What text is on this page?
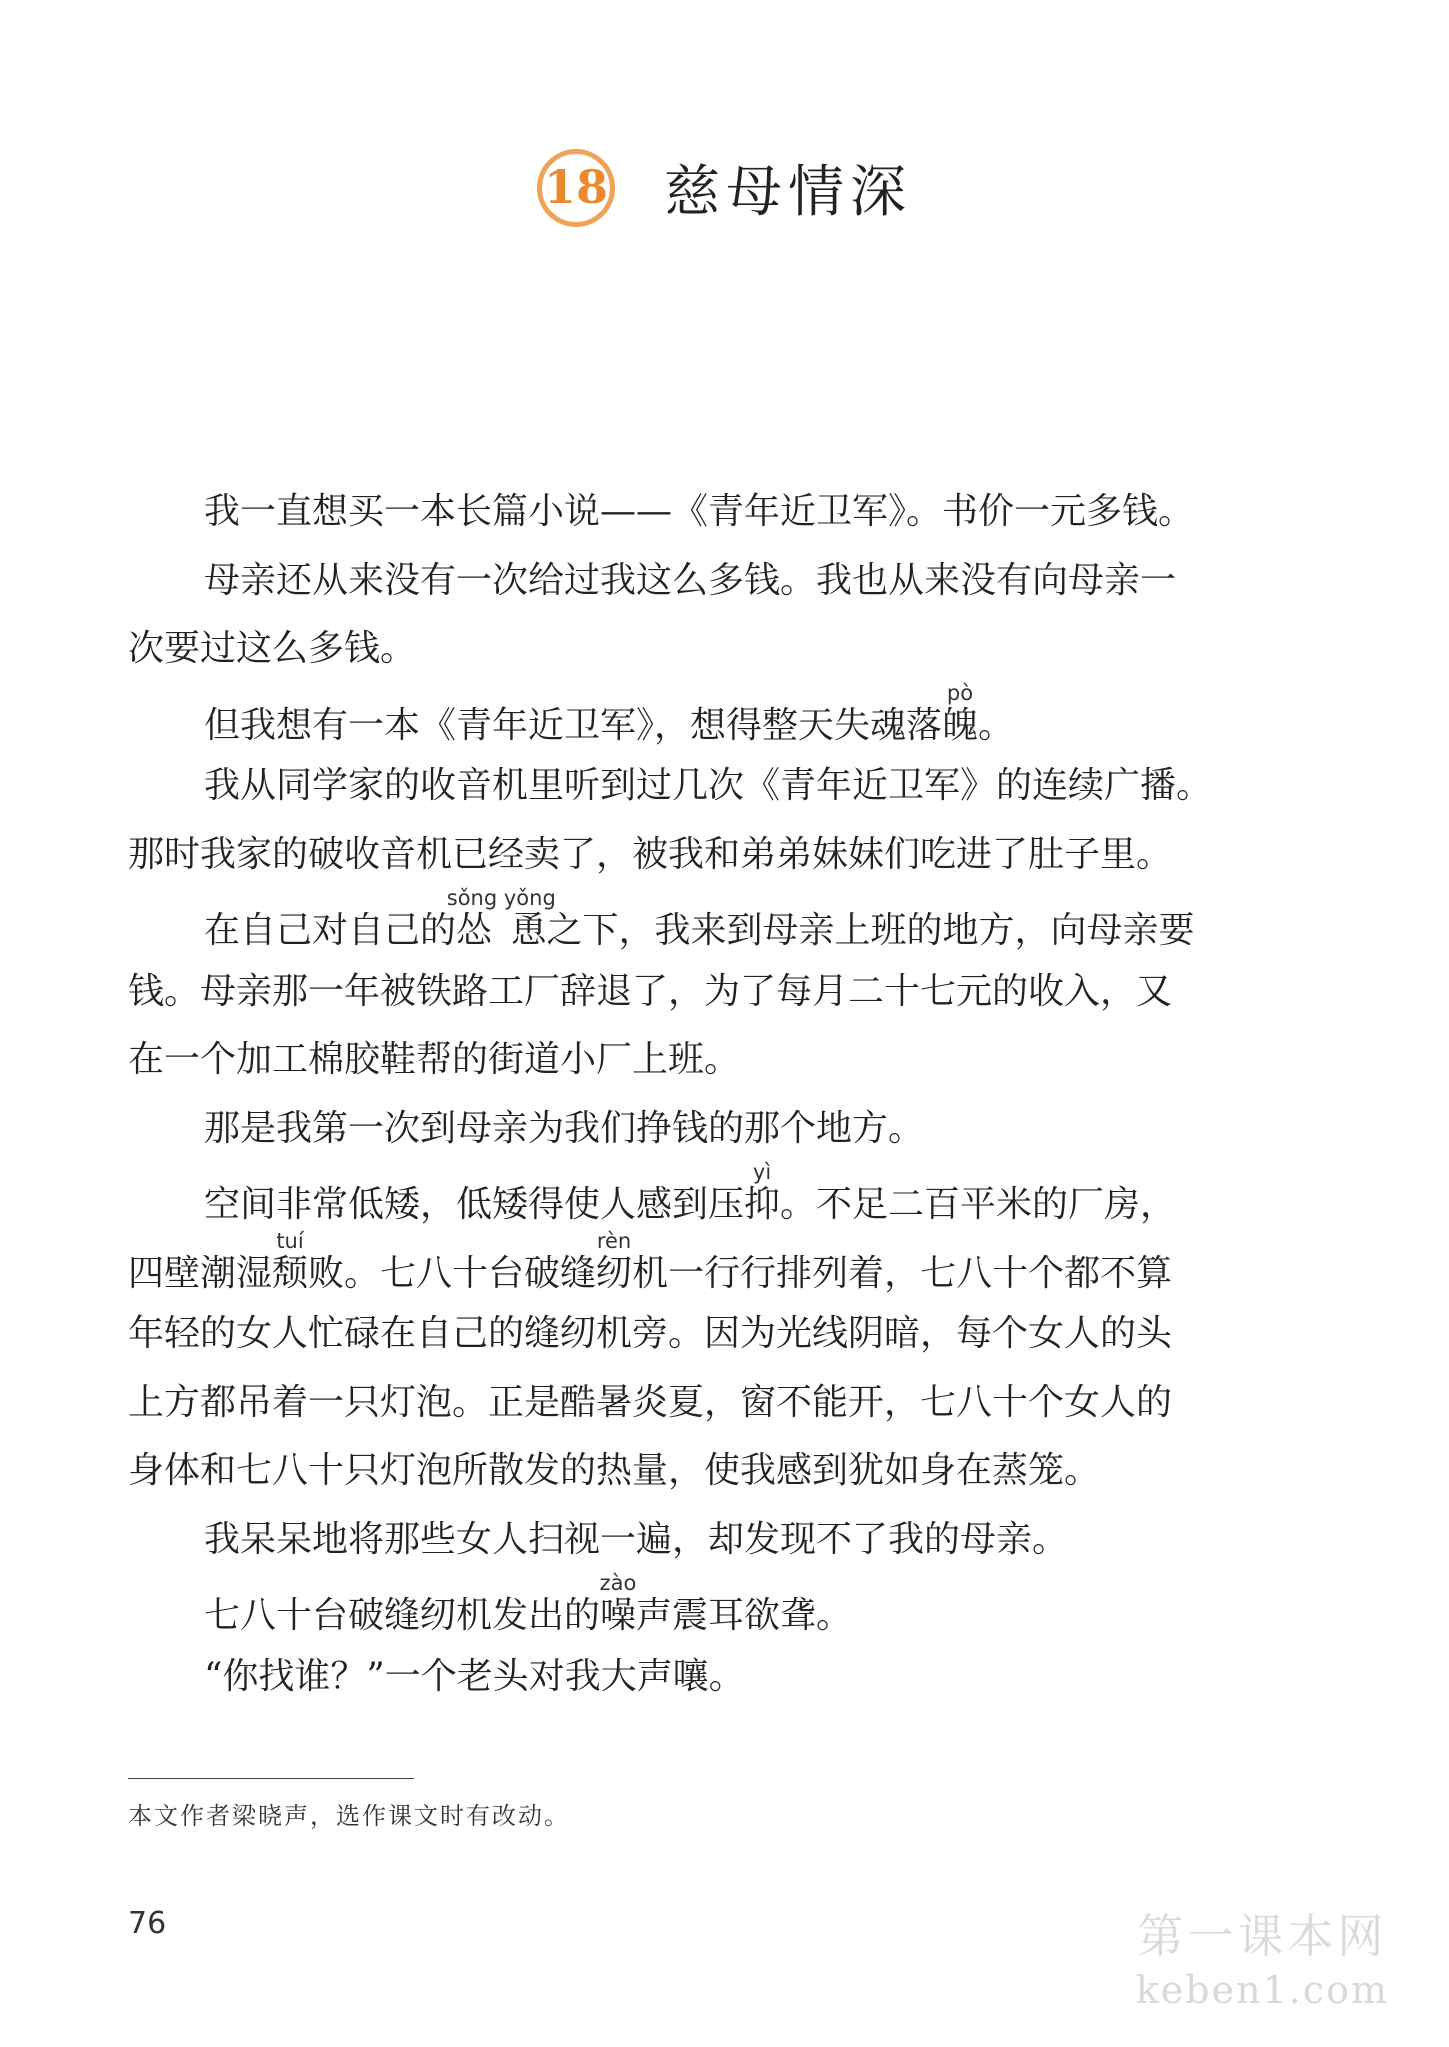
18 慈母情深
我一直想买一本长篇小说——《青年近卫军》。书价一元多钱。
母亲还从来没有一次给过我这么多钱。我也从来没有向母亲一
次要过这么多钱。
但我想有一本《青年近卫军》，想得整天失魂落魄pò。
我从同学家的收音机里听到过几次《青年近卫军》的连续广播。
那时我家的破收音机已经卖了，被我和弟弟妹妹们吃进了肚子里。
在自己对自己的怂恿sǒng yǒng之下，我来到母亲上班的地方，向母亲要
钱。母亲那一年被铁路工厂辞退了，为了每月二十七元的收入，又
在一个加工棉胶鞋帮的街道小厂上班。
那是我第一次到母亲为我们挣钱的那个地方。
空间非常低矮，低矮得使人感到压抑yì。不足二百平米的厂房，
四壁潮湿颓tuí败。七八十台破缝纫rèn机一行行排列着，七八十个都不算
年轻的女人忙碌在自己的缝纫机旁。因为光线阴暗，每个女人的头
上方都吊着一只灯泡。正是酷暑炎夏，窗不能开，七八十个女人的
身体和七八十只灯泡所散发的热量，使我感到犹如身在蒸笼。
我呆呆地将那些女人扫视一遍，却发现不了我的母亲。
七八十台破缝纫机发出的噪zào声震耳欲聋。
“你找谁？”一个老头对我大声嚷。
本文作者梁晓声，选作课文时有改动。
76	第一课本网
keben1.com
